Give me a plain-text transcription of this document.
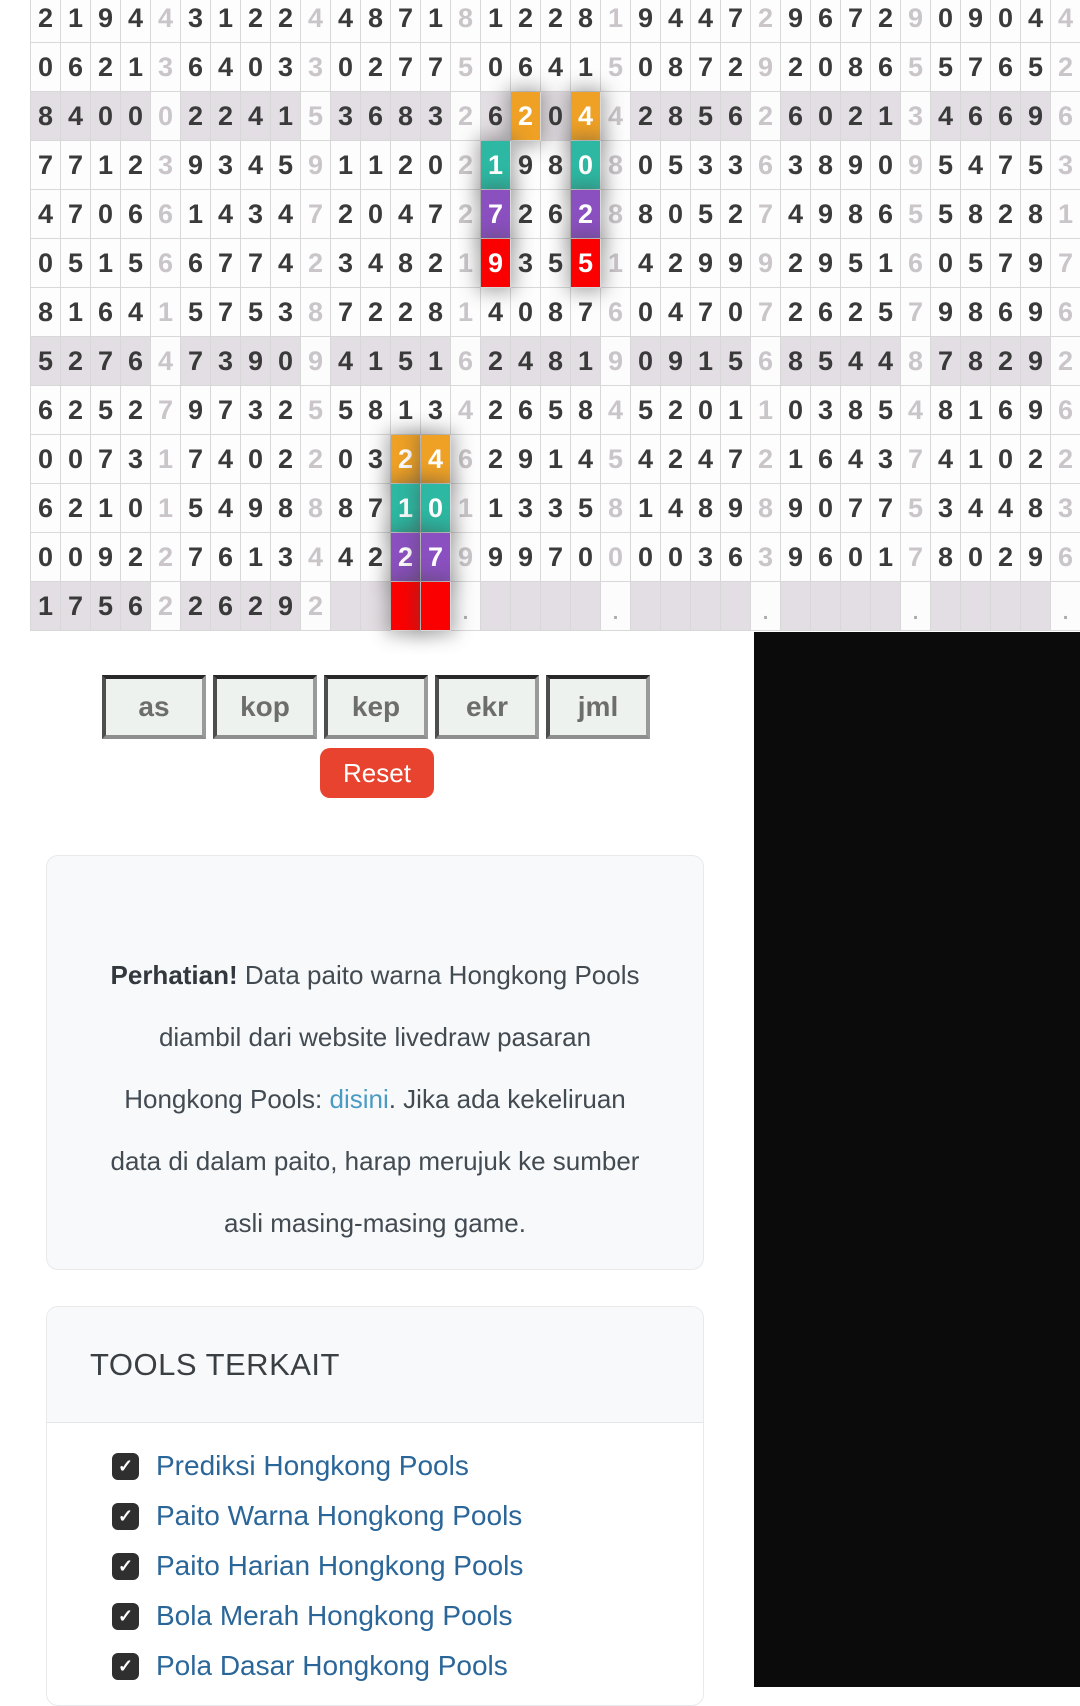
2 1 9 4 4 3 1 2 2 4 4 8 7 1 8 1 2 2 8 1 9 4 4 7 2 9 6 7 2 9 0 9 0 4 4
0 6 2 1 3 6 4 0 3 3 0 2 7 7 5 0 6 4 1 5 0 8 7 2 9 2 0 8 6 5 5 7 6 5 2
8 4 0 0 0 2 2 4 1 5 3 6 8 3 2 6 2 0 4 4 2 8 5 6 2 6 0 2 1 3 4 6 6 9 6
7 7 1 2 3 9 3 4 5 9 1 1 2 0 2 1 9 8 0 8 0 5 3 3 6 3 8 9 0 9 5 4 7 5 3
4 7 0 6 6 1 4 3 4 7 2 0 4 7 2 7 2 6 2 8 8 0 5 2 7 4 9 8 6 5 5 8 2 8 1
0 5 1 5 6 6 7 7 4 2 3 4 8 2 1 9 3 5 5 1 4 2 9 9 9 2 9 5 1 6 0 5 7 9 7
8 1 6 4 1 5 7 5 3 8 7 2 2 8 1 4 0 8 7 6 0 4 7 0 7 2 6 2 5 7 9 8 6 9 6
5 2 7 6 4 7 3 9 0 9 4 1 5 1 6 2 4 8 1 9 0 9 1 5 6 8 5 4 4 8 7 8 2 9 2
6 2 5 2 7 9 7 3 2 5 5 8 1 3 4 2 6 5 8 4 5 2 0 1 1 0 3 8 5 4 8 1 6 9 6
0 0 7 3 1 7 4 0 2 2 0 3 2 4 6 2 9 1 4 5 4 2 4 7 2 1 6 4 3 7 4 1 0 2 2
6 2 1 0 1 5 4 9 8 8 8 7 1 0 1 1 3 3 5 8 1 4 8 9 8 9 0 7 7 5 3 4 4 8 3
0 0 9 2 2 7 6 1 3 4 4 2 2 7 9 9 9 7 0 0 0 0 3 6 3 9 6 0 1 7 8 0 2 9 6
1 7 5 6 2 2 6 2 9 2	.	.	.	.	.
as	kop	kep	ekr	jml
Reset
Perhatian! Data paito warna Hongkong Pools
diambil dari website livedraw pasaran
Hongkong Pools: disini. Jika ada kekeliruan
data di dalam paito, harap merujuk ke sumber
asli masing-masing game.
TOOLS TERKAIT
✓ Prediksi Hongkong Pools
✓ Paito Warna Hongkong Pools
✓ Paito Harian Hongkong Pools
✓ Bola Merah Hongkong Pools
✓ Pola Dasar Hongkong Pools
